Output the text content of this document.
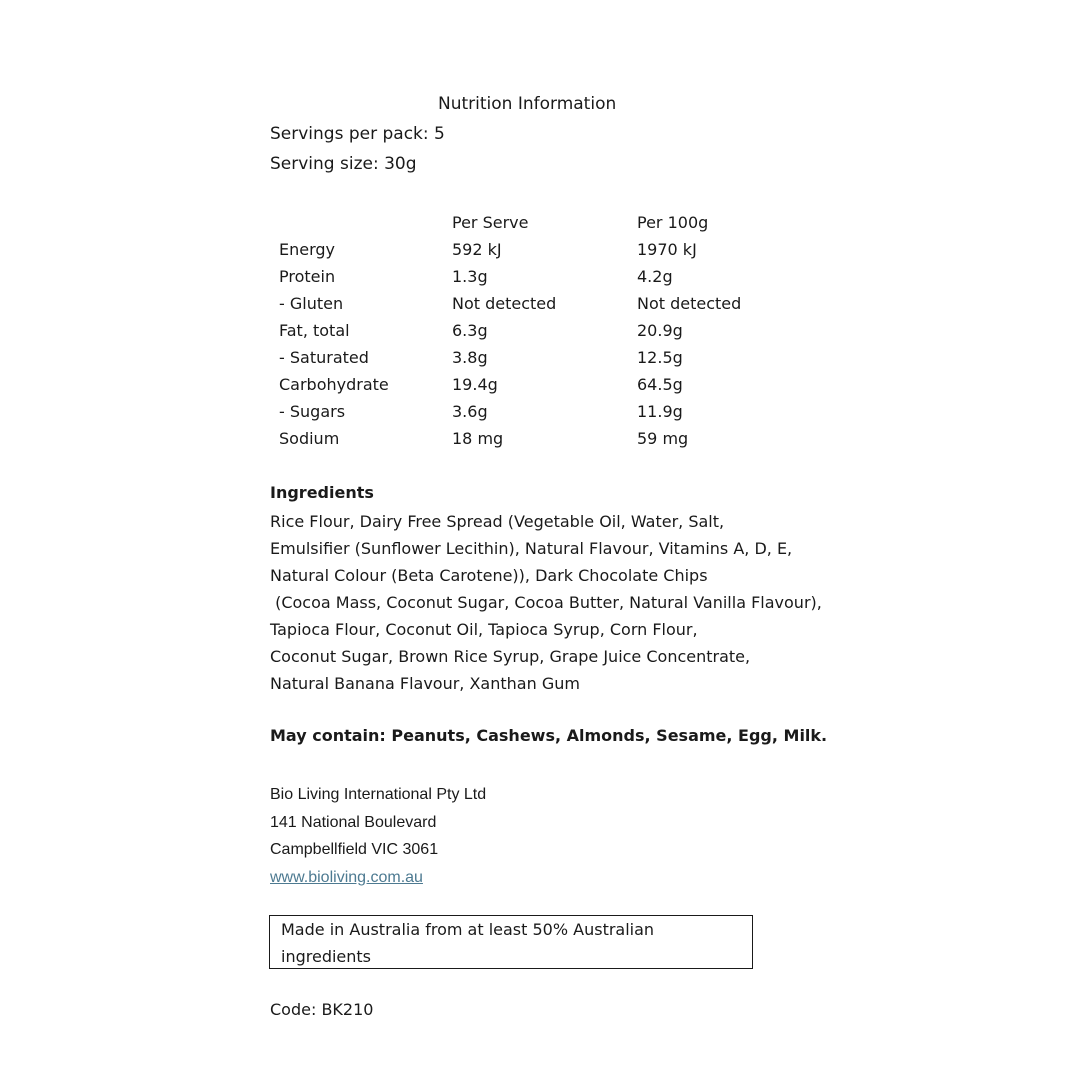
Nutrition Information
Servings per pack: 5
Serving size: 30g
	Per Serve	Per 100g
Energy	592 kJ	1970 kJ
Protein	1.3g	4.2g
- Gluten	Not detected	Not detected
Fat, total	6.3g	20.9g
- Saturated	3.8g	12.5g
Carbohydrate	19.4g	64.5g
- Sugars	3.6g	11.9g
Sodium	18 mg	59 mg
Ingredients
Rice Flour, Dairy Free Spread (Vegetable Oil, Water, Salt,
Emulsifier (Sunflower Lecithin), Natural Flavour, Vitamins A, D, E,
Natural Colour (Beta Carotene)), Dark Chocolate Chips
(Cocoa Mass, Coconut Sugar, Cocoa Butter, Natural Vanilla Flavour),
Tapioca Flour, Coconut Oil, Tapioca Syrup, Corn Flour,
Coconut Sugar, Brown Rice Syrup, Grape Juice Concentrate,
Natural Banana Flavour, Xanthan Gum
May contain: Peanuts, Cashews, Almonds, Sesame, Egg, Milk.
Bio Living International Pty Ltd
141 National Boulevard
Campbellfield VIC 3061
www.bioliving.com.au
Made in Australia from at least 50% Australian
ingredients
Code: BK210
